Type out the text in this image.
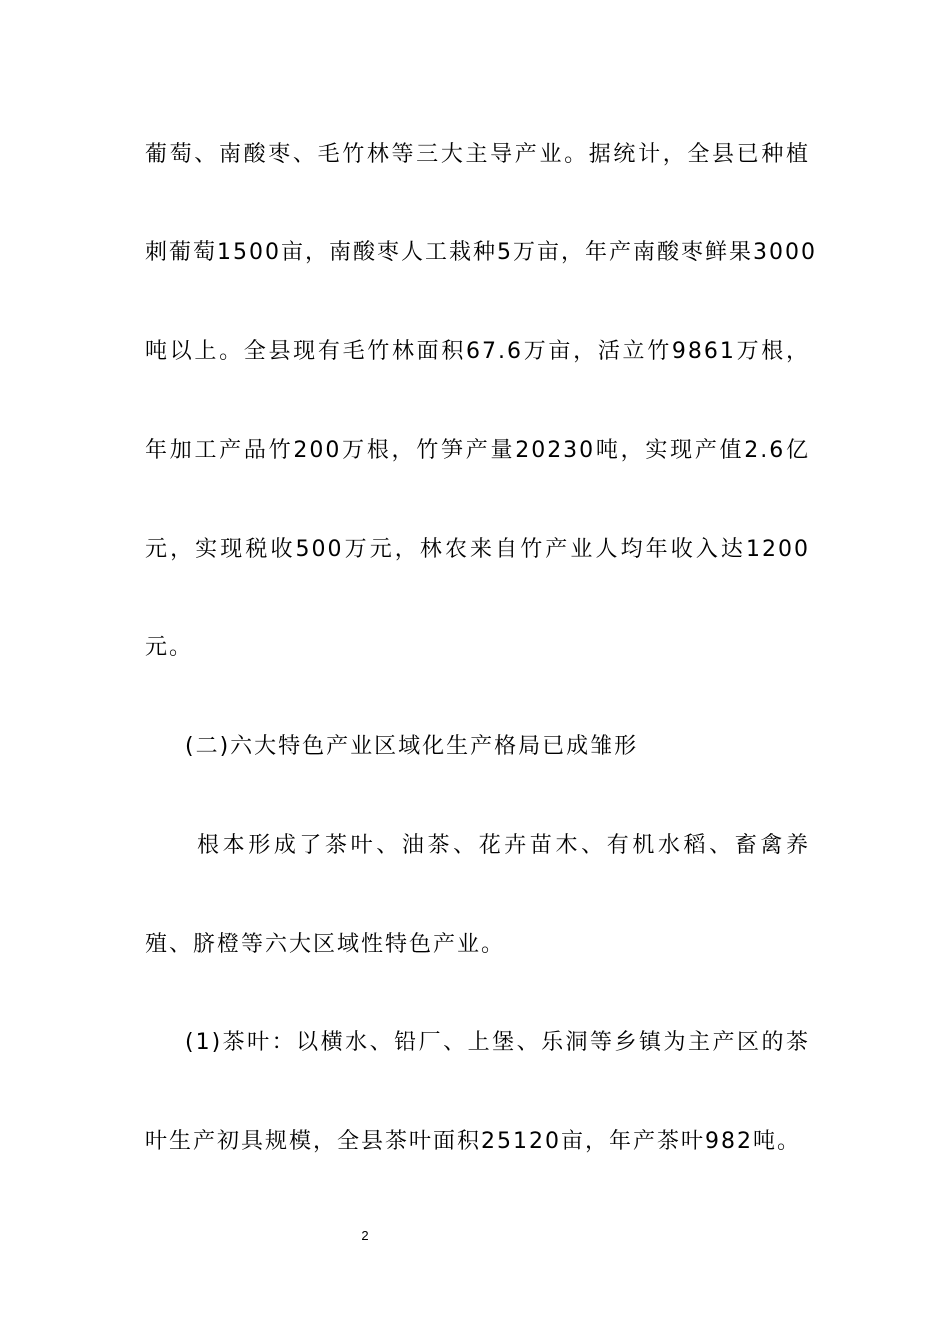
葡萄、南酸枣、毛竹林等三大主导产业。据统计，全县已种植
刺葡萄1500亩，南酸枣人工栽种5万亩，年产南酸枣鲜果3000
吨以上。全县现有毛竹林面积67.6万亩，活立竹9861万根，
年加工产品竹200万根，竹笋产量20230吨，实现产值2.6亿
元，实现税收500万元，林农来自竹产业人均年收入达1200
元。
(二)六大特色产业区域化生产格局已成雏形
根本形成了茶叶、油茶、花卉苗木、有机水稻、畜禽养
殖、脐橙等六大区域性特色产业。
(1)茶叶：以横水、铅厂、上堡、乐洞等乡镇为主产区的茶
叶生产初具规模，全县茶叶面积25120亩，年产茶叶982吨。
2
